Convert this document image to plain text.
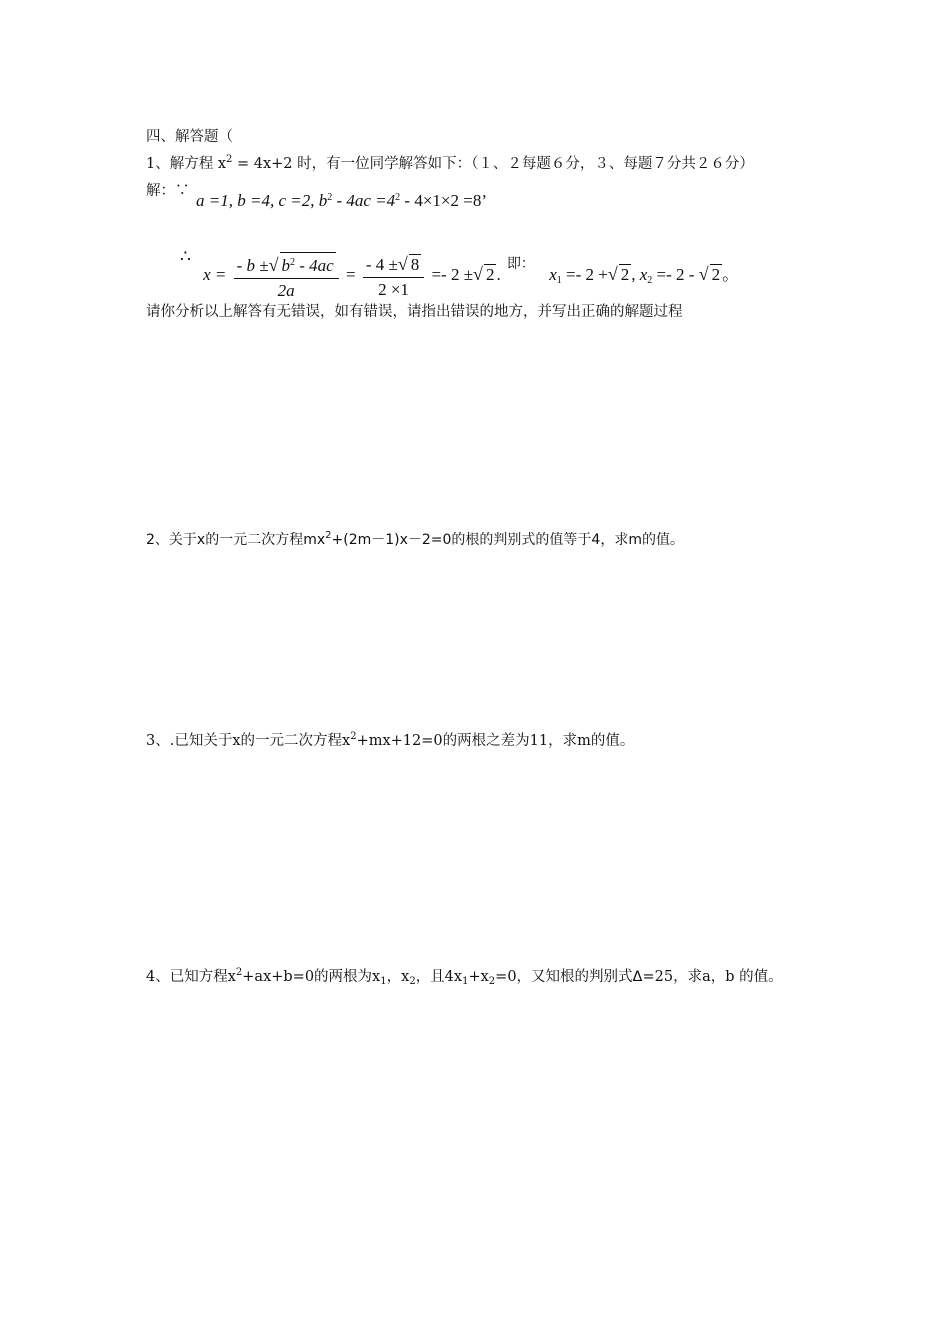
四、解答题（
1、解方程 $x^2 = 4x+2$ 时，有一位同学解答如下：（１、２每题６分，３、每题７分共２６分）
解：∵ a =1, b =4, c =2, $b^2 - 4ac =4^2 - 4\times 1\times 2 =8$’
∴ $x = \frac{- b \pm√ b^2 - 4ac}{2a} = \frac{- 4 \pm√ 8}{2 \times 1} =- 2$ ±√ 2 . 即： $x_1 =- 2$ +√ 2 , $x_2 =- 2$ - √ 2 。
请你分析以上解答有无错误，如有错误，请指出错误的地方，并写出正确的解题过程
2、关于x的一元二次方程$mx^2+(2m-1)x-2=0$的根的判别式的值等于4，求m的值。
3、.已知关于x的一元二次方程$x^2+mx+12=0$的两根之差为11，求m的值。
4、已知方程$x^2+ax+b=0$的两根为$x_1$，$x_2$，且$4x_1+x_2=0$，又知根的判别式Δ=25，求a，b 的值。
